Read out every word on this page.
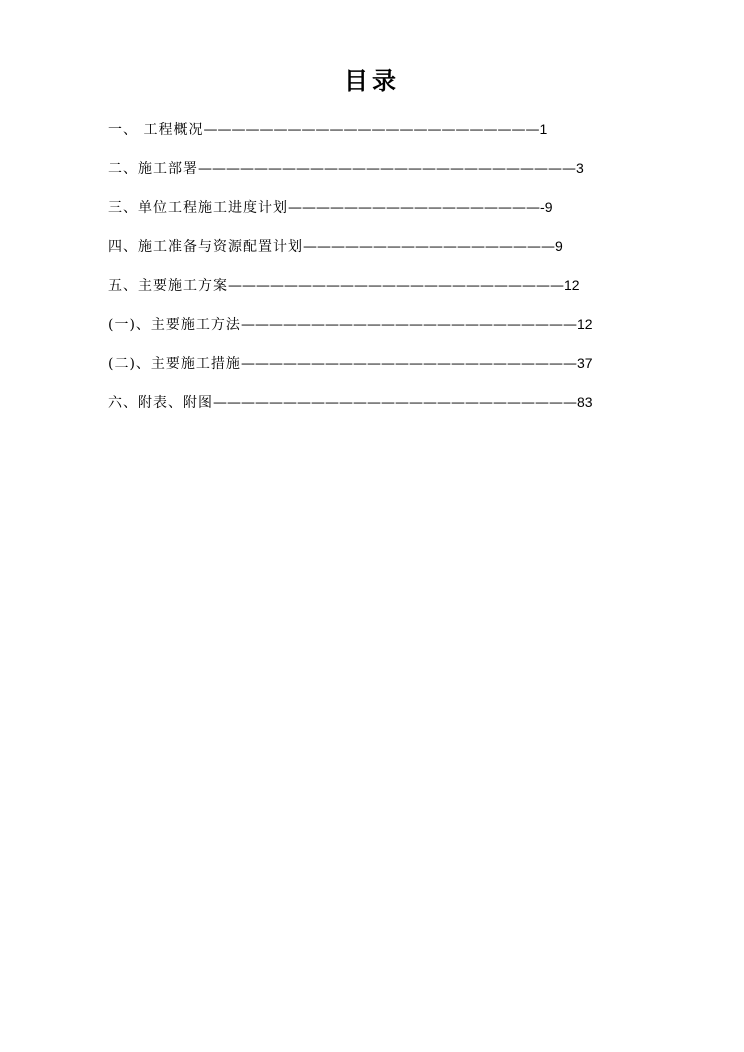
目录
一、 工程概况————————————————————————1
二、施工部署———————————————————————————3
三、单位工程施工进度计划——————————————————-9
四、施工准备与资源配置计划——————————————————9
五、主要施工方案————————————————————————12
(一)、主要施工方法————————————————————————12
(二)、主要施工措施————————————————————————37
六、附表、附图——————————————————————————83
